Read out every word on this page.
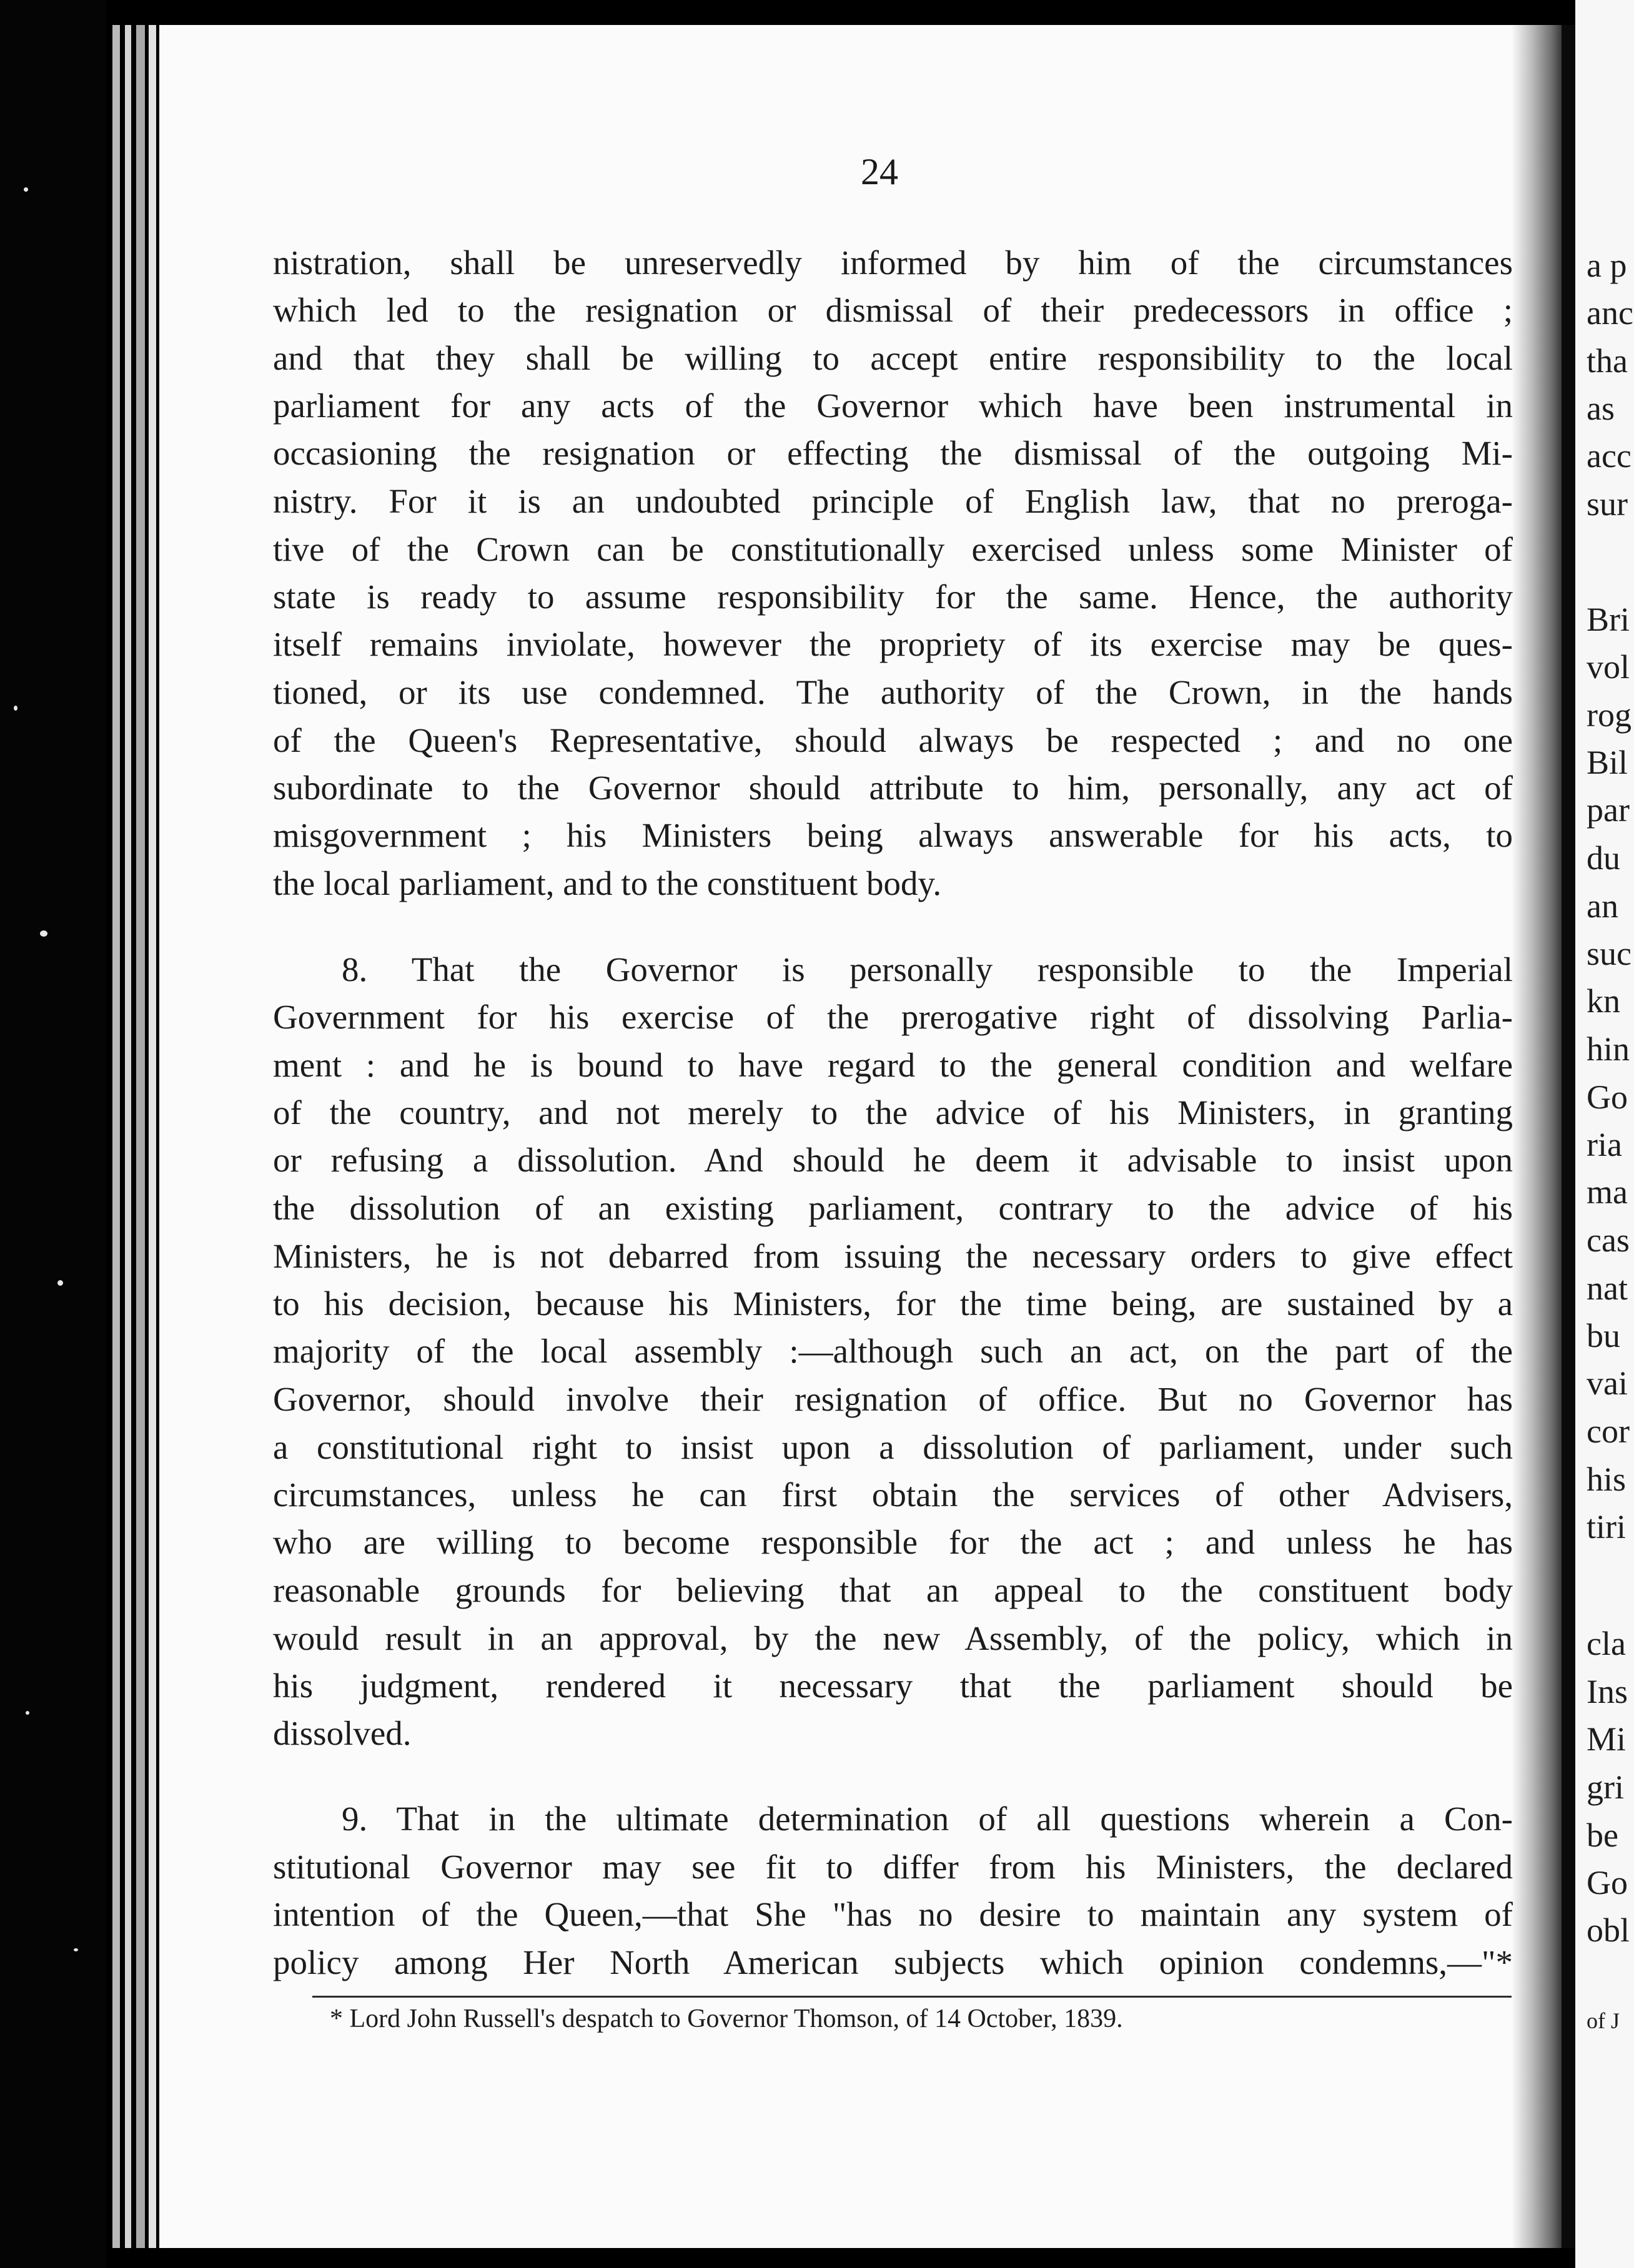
24
nistration, shall be unreservedly informed by him of the circumstances
which led to the resignation or dismissal of their predecessors in office ;
and that they shall be willing to accept entire responsibility to the local
parliament for any acts of the Governor which have been instrumental in
occasioning the resignation or effecting the dismissal of the outgoing Mi-
nistry. For it is an undoubted principle of English law, that no preroga-
tive of the Crown can be constitutionally exercised unless some Minister of
state is ready to assume responsibility for the same. Hence, the authority
itself remains inviolate, however the propriety of its exercise may be ques-
tioned, or its use condemned. The authority of the Crown, in the hands
of the Queen's Representative, should always be respected ; and no one
subordinate to the Governor should attribute to him, personally, any act of
misgovernment ; his Ministers being always answerable for his acts, to
the local parliament, and to the constituent body.
8. That the Governor is personally responsible to the Imperial
Government for his exercise of the prerogative right of dissolving Parlia-
ment : and he is bound to have regard to the general condition and welfare
of the country, and not merely to the advice of his Ministers, in granting
or refusing a dissolution. And should he deem it advisable to insist upon
the dissolution of an existing parliament, contrary to the advice of his
Ministers, he is not debarred from issuing the necessary orders to give effect
to his decision, because his Ministers, for the time being, are sustained by a
majority of the local assembly :—although such an act, on the part of the
Governor, should involve their resignation of office. But no Governor has
a constitutional right to insist upon a dissolution of parliament, under such
circumstances, unless he can first obtain the services of other Advisers,
who are willing to become responsible for the act ; and unless he has
reasonable grounds for believing that an appeal to the constituent body
would result in an approval, by the new Assembly, of the policy, which in
his judgment, rendered it necessary that the parliament should be
dissolved.
9. That in the ultimate determination of all questions wherein a Con-
stitutional Governor may see fit to differ from his Ministers, the declared
intention of the Queen,—that She "has no desire to maintain any system of
policy among Her North American subjects which opinion condemns,—"*
* Lord John Russell's despatch to Governor Thomson, of 14 October, 1839.
a p
anc
tha
as
acc
sur
Bri
vol
rog
Bil
par
du
an
suc
kn
hin
Go
ria
ma
cas
nat
bu
vai
cor
his
tiri
cla
Ins
Mi
gri
be
Go
obl
of J
